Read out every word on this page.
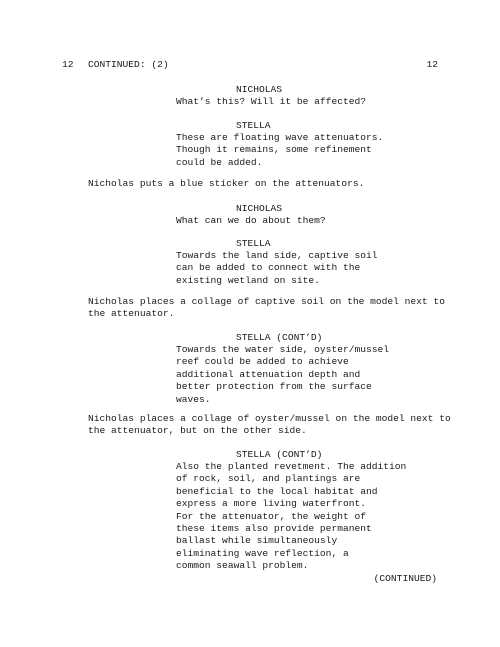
12 CONTINUED: (2)	12
NICHOLAS
What’s this? Will it be affected?
STELLA
These are floating wave attenuators.
Though it remains, some refinement
could be added.
Nicholas puts a blue sticker on the attenuators.
NICHOLAS
What can we do about them?
STELLA
Towards the land side, captive soil
can be added to connect with the
existing wetland on site.
Nicholas places a collage of captive soil on the model next to
the attenuator.
STELLA (CONT’D)
Towards the water side, oyster/mussel
reef could be added to achieve
additional attenuation depth and
better protection from the surface
waves.
Nicholas places a collage of oyster/mussel on the model next to
the attenuator, but on the other side.
STELLA (CONT’D)
Also the planted revetment. The addition
of rock, soil, and plantings are
beneficial to the local habitat and
express a more living waterfront.
For the attenuator, the weight of
these items also provide permanent
ballast while simultaneously
eliminating wave reflection, a
common seawall problem.
(CONTINUED)
